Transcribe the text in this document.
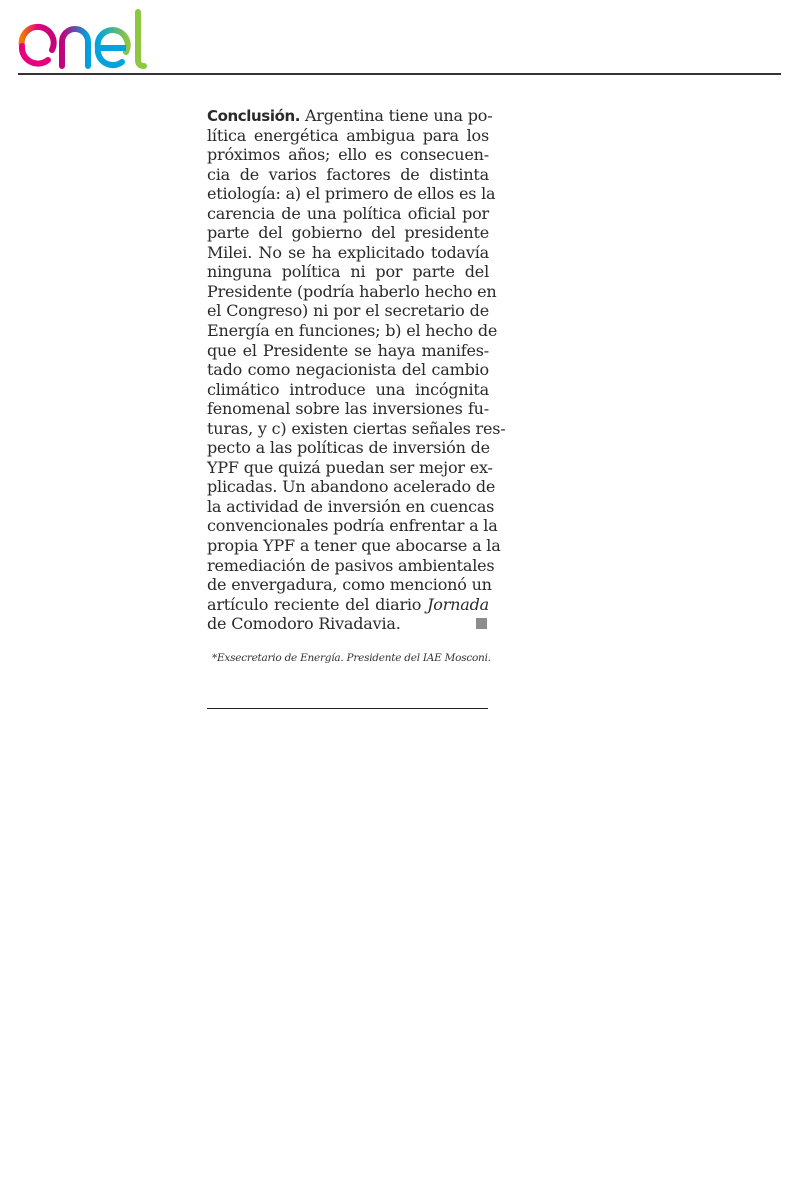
Conclusión. Argentina tiene una po-
lítica energética ambigua para los
próximos años; ello es consecuen-
cia de varios factores de distinta
etiología: a) el primero de ellos es la
carencia de una política oficial por
parte del gobierno del presidente
Milei. No se ha explicitado todavía
ninguna política ni por parte del
Presidente (podría haberlo hecho en
el Congreso) ni por el secretario de
Energía en funciones; b) el hecho de
que el Presidente se haya manifes-
tado como negacionista del cambio
climático introduce una incógnita
fenomenal sobre las inversiones fu-
turas, y c) existen ciertas señales res-
pecto a las políticas de inversión de
YPF que quizá puedan ser mejor ex-
plicadas. Un abandono acelerado de
la actividad de inversión en cuencas
convencionales podría enfrentar a la
propia YPF a tener que abocarse a la
remediación de pasivos ambientales
de envergadura, como mencionó un
artículo reciente del diario Jornada
de Comodoro Rivadavia.
*Exsecretario de Energía. Presidente del IAE Mosconi.
